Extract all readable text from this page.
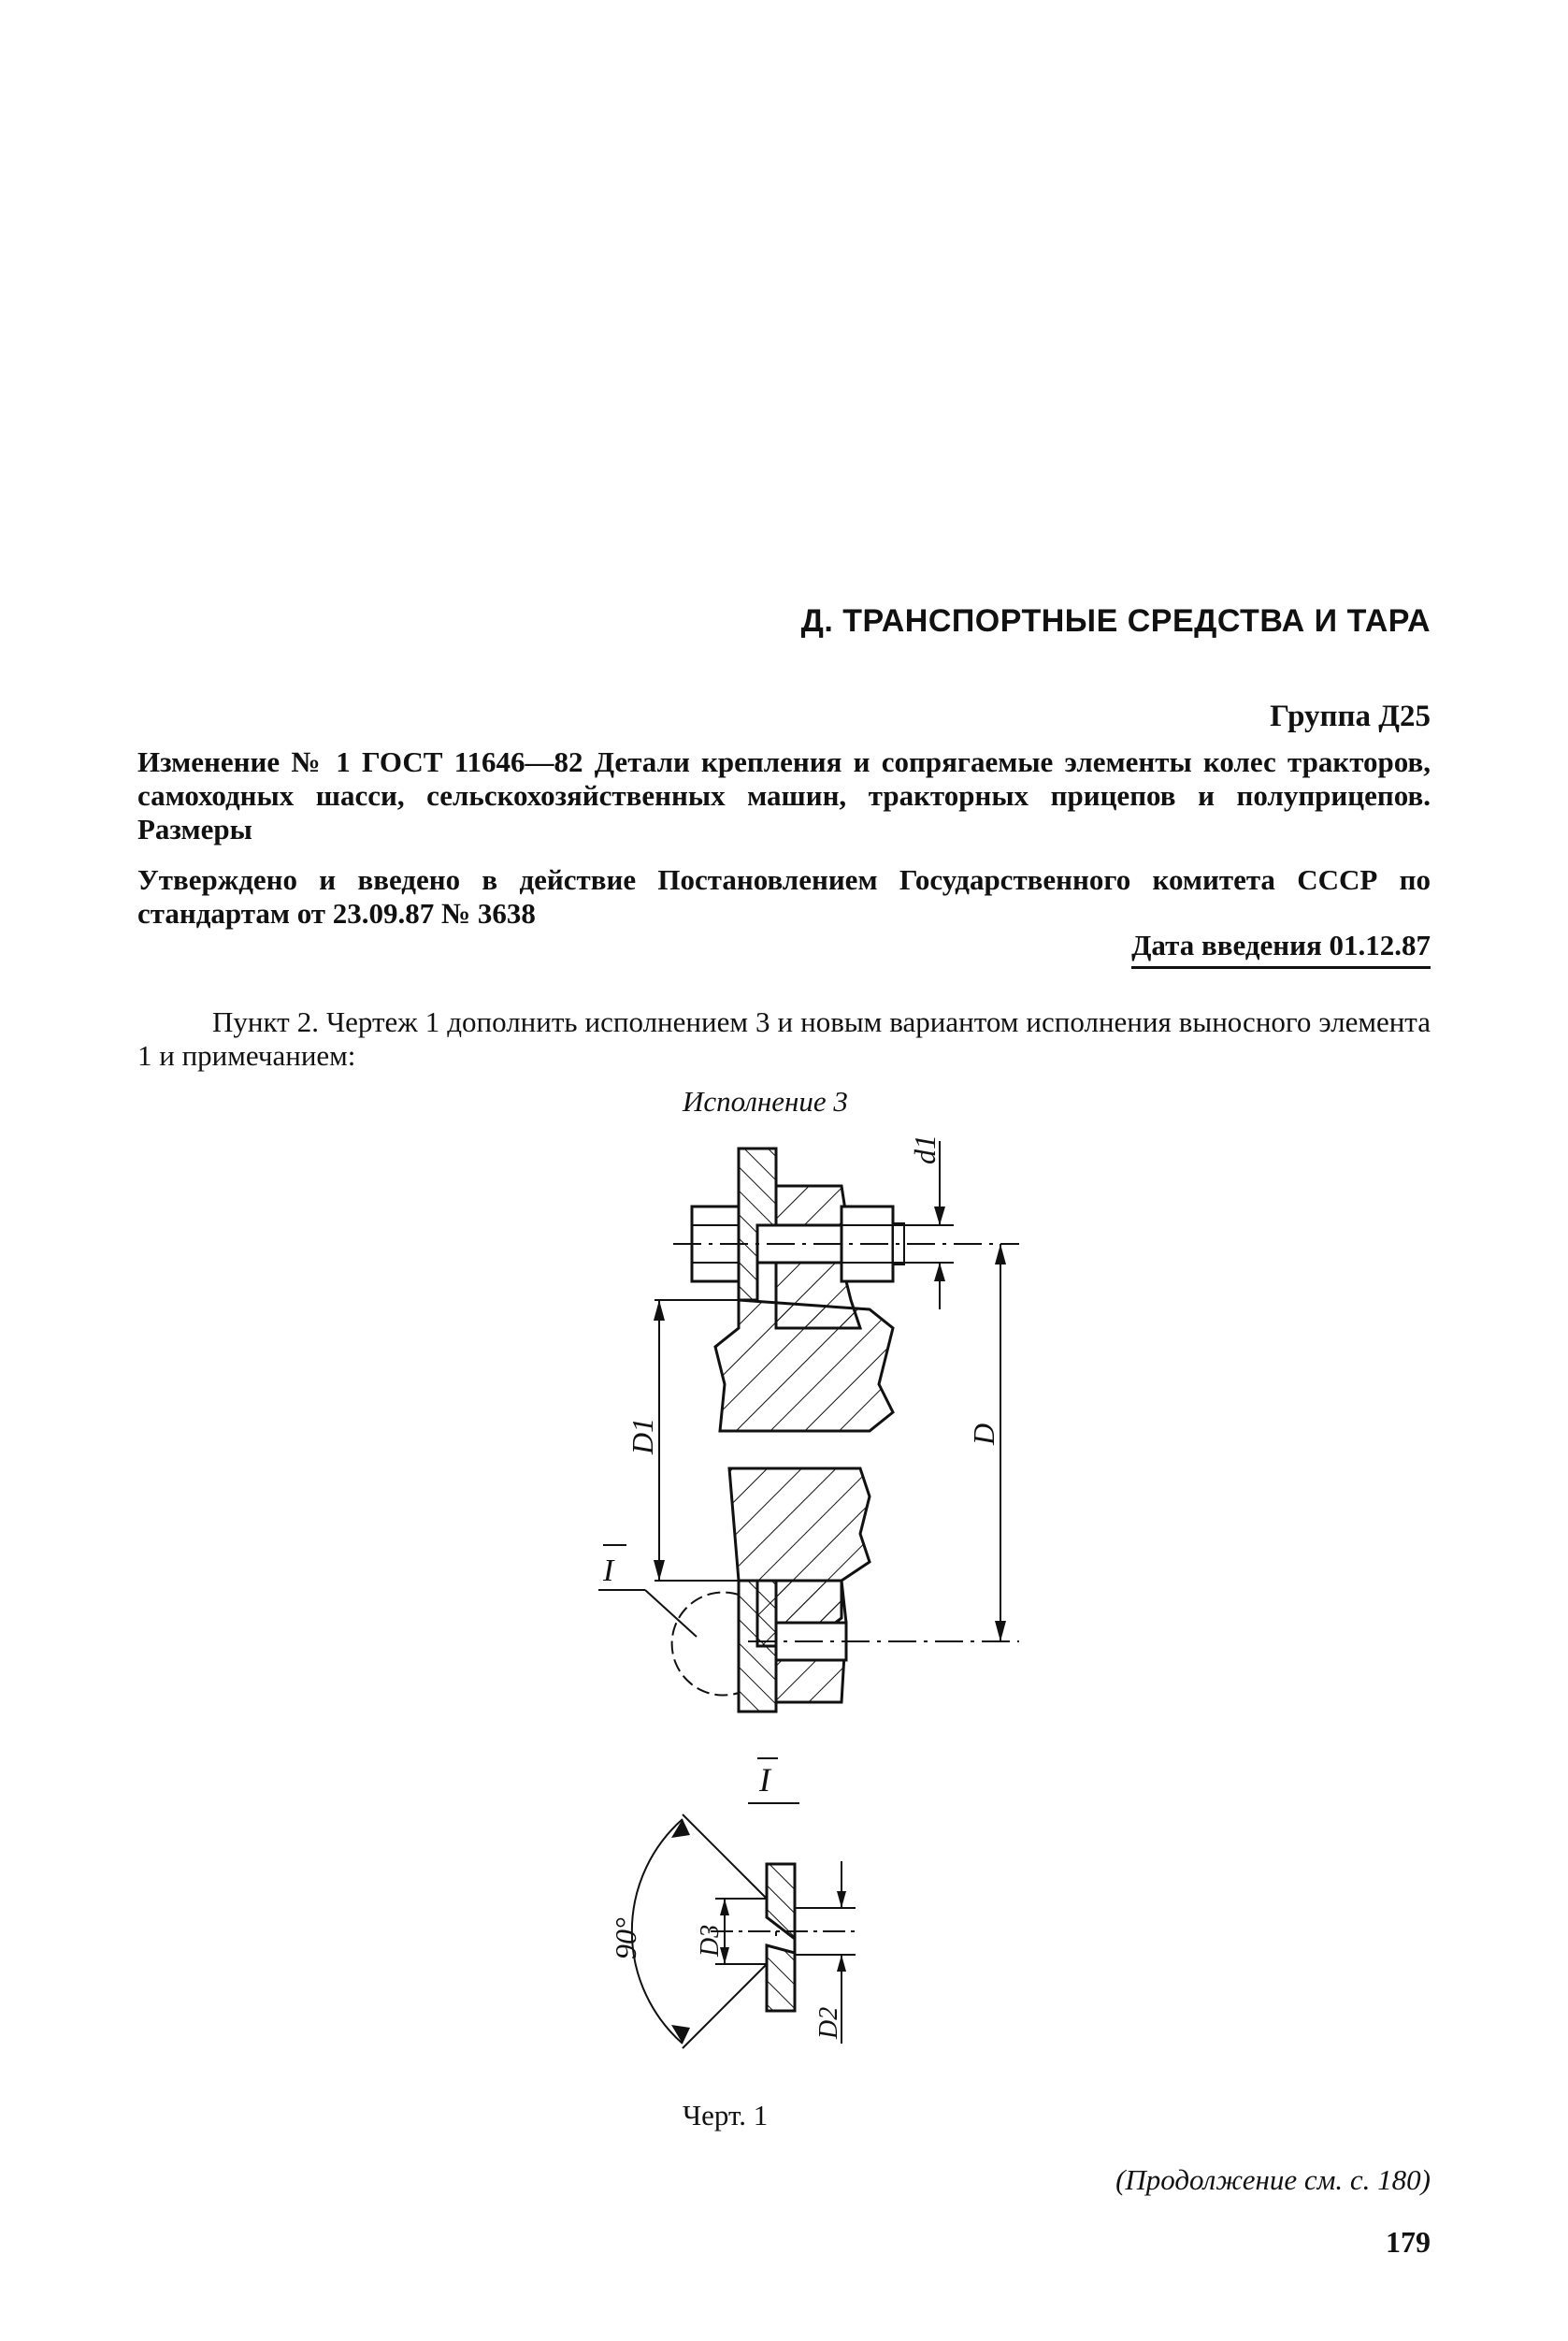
Д. ТРАНСПОРТНЫЕ СРЕДСТВА И ТАРА
Группа Д25
Изменение № 1 ГОСТ 11646—82 Детали крепления и сопрягаемые элементы колес тракторов, самоходных шасси, сельскохозяйственных машин, тракторных прицепов и полуприцепов. Размеры
Утверждено и введено в действие Постановлением Государственного комитета СССР по стандартам от 23.09.87 № 3638
Дата введения 01.12.87
Пункт 2. Чертеж 1 дополнить исполнением 3 и новым вариантом исполнения выносного элемента 1 и примечанием:
Исполнение 3
d1
D
D1
I
I
90° D3
D2
Черт. 1
(Продолжение см. с. 180)
179
